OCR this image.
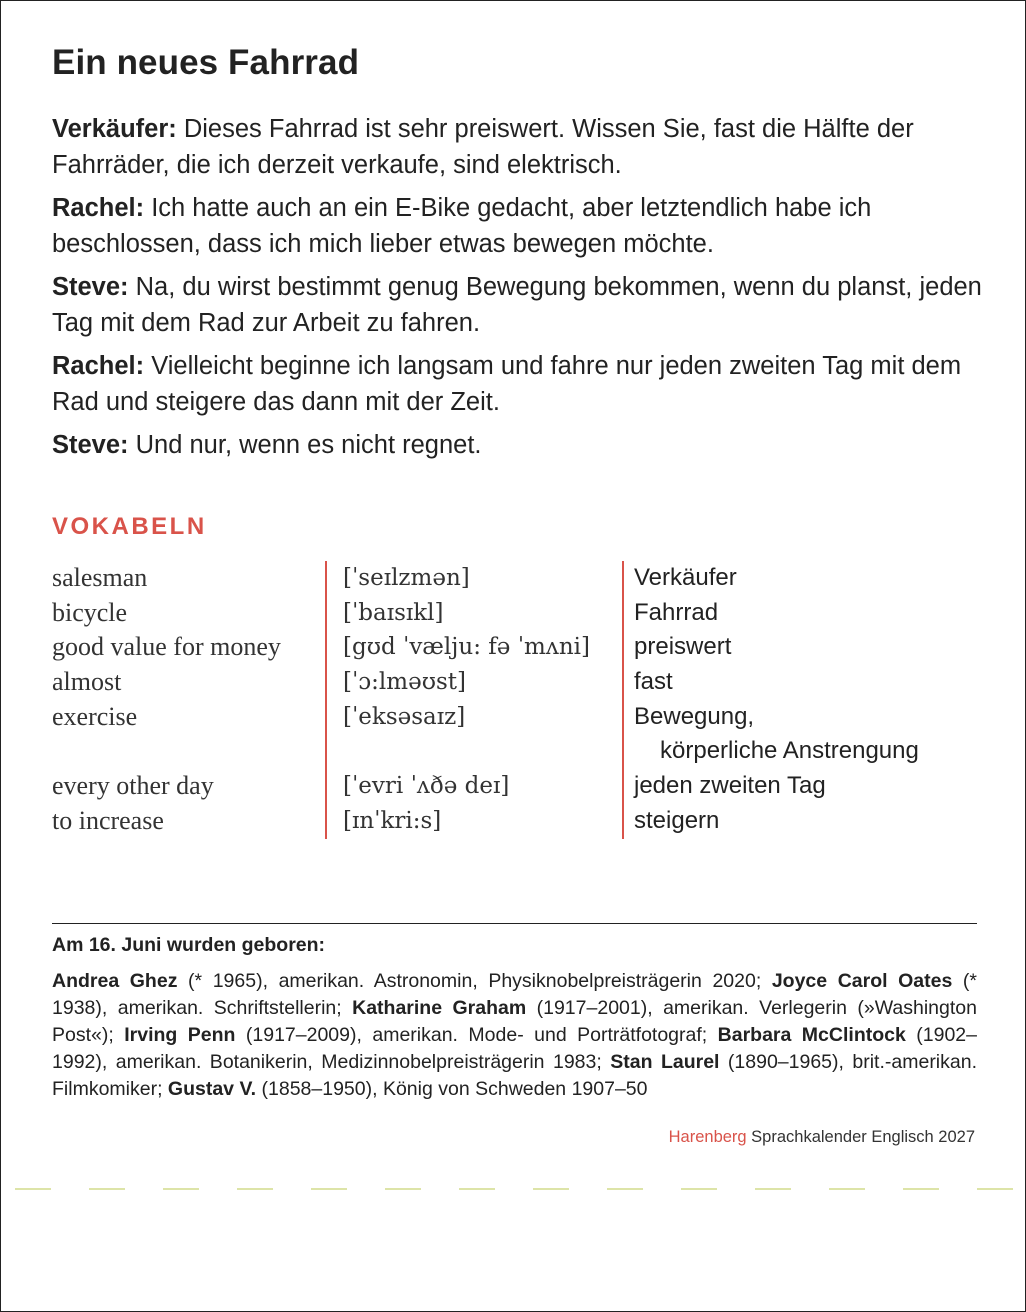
Ein neues Fahrrad

Verkäufer: Dieses Fahrrad ist sehr preiswert. Wissen Sie, fast die Hälfte der Fahrräder, die ich derzeit verkaufe, sind elektrisch.

Rachel: Ich hatte auch an ein E-Bike gedacht, aber letztendlich habe ich beschlossen, dass ich mich lieber etwas bewegen möchte.

Steve: Na, du wirst bestimmt genug Bewegung bekommen, wenn du planst, jeden Tag mit dem Rad zur Arbeit zu fahren.

Rachel: Vielleicht beginne ich langsam und fahre nur jeden zweiten Tag mit dem Rad und steigere das dann mit der Zeit.

Steve: Und nur, wenn es nicht regnet.

VOKABELN
salesman
bicycle
good value for money
almost
exercise
every other day
to increase
[ˈseɪlzmən]
[ˈbaɪsɪkl]
[gʊd ˈvælju: fə ˈmʌni]
[ˈɔ:lməʊst]
[ˈeksəsaɪz]
[ˈevri ˈʌðə deɪ]
[ɪnˈkri:s]
Verkäufer
Fahrrad
preiswert
fast
Bewegung,
körperliche Anstrengung
jeden zweiten Tag
steigern
Am 16. Juni wurden geboren:
Andrea Ghez (* 1965), amerikan. Astronomin, Physiknobelpreisträgerin 2020; Joyce Carol Oates (* 1938), amerikan. Schriftstellerin; Katharine Graham (1917–2001), amerikan. Verlegerin (»Washington Post«); Irving Penn (1917–2009), amerikan. Mode- und Porträtfotograf; Barbara McClintock (1902–1992), amerikan. Botanikerin, Medizinnobelpreisträgerin 1983; Stan Laurel (1890–1965), brit.-amerikan. Filmkomiker; Gustav V. (1858–1950), König von Schweden 1907–50
Harenberg Sprachkalender Englisch 2027
